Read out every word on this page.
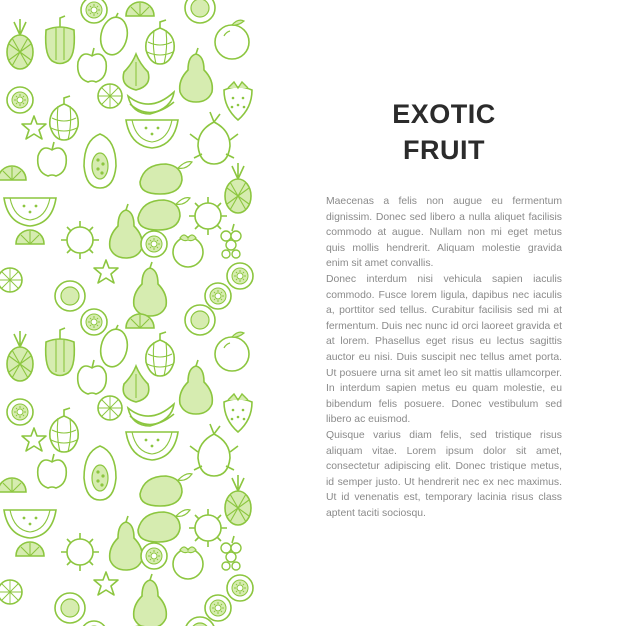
EXOTIC
FRUIT

Maecenas a felis non augue eu fermentum dignissim. Donec sed libero a nulla aliquet facilisis commodo at augue. Nullam non mi eget metus quis mollis hendrerit. Aliquam molestie gravida enim sit amet convallis.

Donec interdum nisi vehicula sapien iaculis commodo. Fusce lorem ligula, dapibus nec iaculis a, porttitor sed tellus. Curabitur facilisis sed mi at fermentum. Duis nec nunc id orci laoreet gravida et at lorem. Phasellus eget risus eu lectus sagittis auctor eu nisi. Duis suscipit nec tellus amet porta. Ut posuere urna sit amet leo sit mattis ullamcorper. In interdum sapien metus eu quam molestie, eu bibendum felis posuere. Donec vestibulum sed libero ac euismod.

Quisque varius diam felis, sed tristique risus aliquam vitae. Lorem ipsum dolor sit amet, consectetur adipiscing elit. Donec tristique metus, id semper justo. Ut hendrerit nec ex nec maximus. Ut id venenatis est, temporary lacinia risus class aptent taciti sociosqu.
